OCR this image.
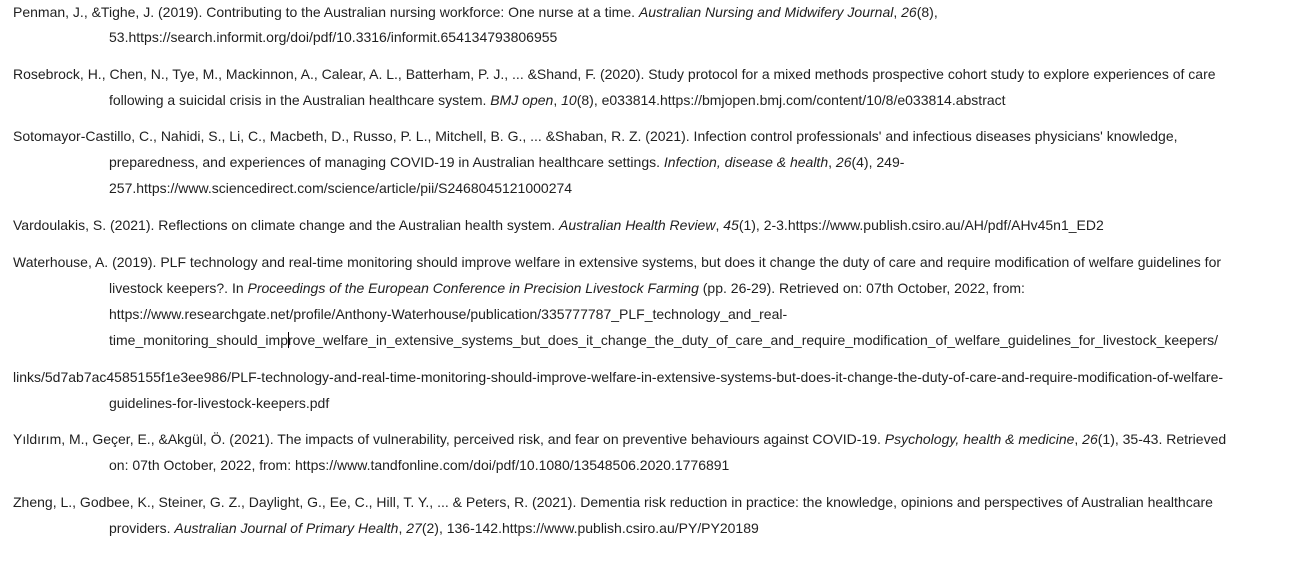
Penman, J., &Tighe, J. (2019). Contributing to the Australian nursing workforce: One nurse at a time. Australian Nursing and Midwifery Journal, 26(8),
53.https://search.informit.org/doi/pdf/10.3316/informit.654134793806955
Rosebrock, H., Chen, N., Tye, M., Mackinnon, A., Calear, A. L., Batterham, P. J., ... &Shand, F. (2020). Study protocol for a mixed methods prospective cohort study to explore experiences of care
following a suicidal crisis in the Australian healthcare system. BMJ open, 10(8), e033814.https://bmjopen.bmj.com/content/10/8/e033814.abstract
Sotomayor-Castillo, C., Nahidi, S., Li, C., Macbeth, D., Russo, P. L., Mitchell, B. G., ... &Shaban, R. Z. (2021). Infection control professionals' and infectious diseases physicians' knowledge,
preparedness, and experiences of managing COVID-19 in Australian healthcare settings. Infection, disease & health, 26(4), 249-
257.https://www.sciencedirect.com/science/article/pii/S2468045121000274
Vardoulakis, S. (2021). Reflections on climate change and the Australian health system. Australian Health Review, 45(1), 2-3.https://www.publish.csiro.au/AH/pdf/AHv45n1_ED2
Waterhouse, A. (2019). PLF technology and real-time monitoring should improve welfare in extensive systems, but does it change the duty of care and require modification of welfare guidelines for
livestock keepers?. In Proceedings of the European Conference in Precision Livestock Farming (pp. 26-29). Retrieved on: 07th October, 2022, from:
https://www.researchgate.net/profile/Anthony-Waterhouse/publication/335777787_PLF_technology_and_real-
time_monitoring_should_improve_welfare_in_extensive_systems_but_does_it_change_the_duty_of_care_and_require_modification_of_welfare_guidelines_for_livestock_keepers/
links/5d7ab7ac4585155f1e3ee986/PLF-technology-and-real-time-monitoring-should-improve-welfare-in-extensive-systems-but-does-it-change-the-duty-of-care-and-require-modification-of-welfare-
guidelines-for-livestock-keepers.pdf
Yıldırım, M., Geçer, E., &Akgül, Ö. (2021). The impacts of vulnerability, perceived risk, and fear on preventive behaviours against COVID-19. Psychology, health & medicine, 26(1), 35-43. Retrieved
on: 07th October, 2022, from: https://www.tandfonline.com/doi/pdf/10.1080/13548506.2020.1776891
Zheng, L., Godbee, K., Steiner, G. Z., Daylight, G., Ee, C., Hill, T. Y., ... & Peters, R. (2021). Dementia risk reduction in practice: the knowledge, opinions and perspectives of Australian healthcare
providers. Australian Journal of Primary Health, 27(2), 136-142.https://www.publish.csiro.au/PY/PY20189
